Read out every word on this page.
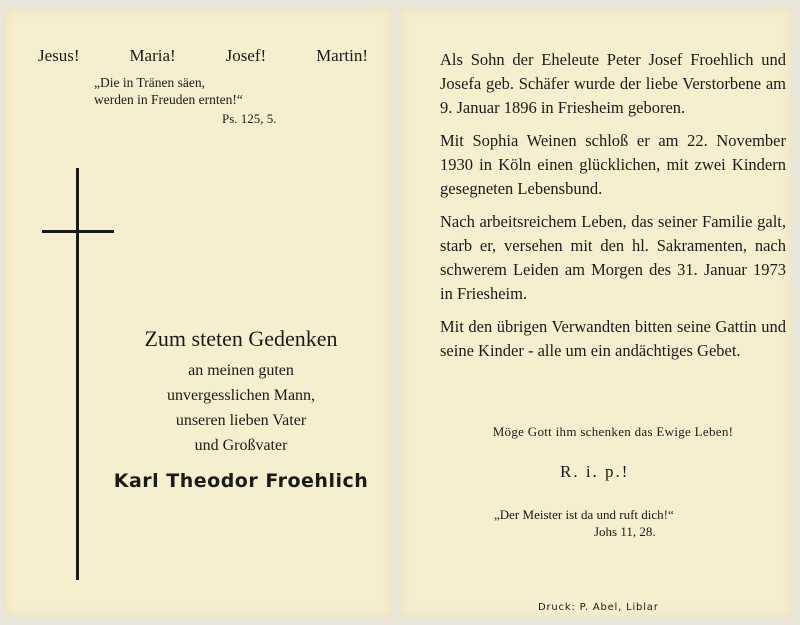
Jesus!	Maria!	Josef!	Martin!
„Die in Tränen säen,
werden in Freuden ernten!“
Ps. 125, 5.
Zum steten Gedenken
an meinen guten
unvergesslichen Mann,
unseren lieben Vater
und Großvater
Karl Theodor Froehlich

Als Sohn der Eheleute Peter Josef Froehlich und Josefa geb. Schäfer wurde der liebe Verstorbene am 9. Januar 1896 in Friesheim geboren.

Mit Sophia Weinen schloß er am 22. November 1930 in Köln einen glücklichen, mit zwei Kindern gesegneten Lebensbund.

Nach arbeitsreichem Leben, das seiner Familie galt, starb er, versehen mit den hl. Sakramenten, nach schwerem Leiden am Morgen des 31. Januar 1973 in Friesheim.

Mit den übrigen Verwandten bitten seine Gattin und seine Kinder - alle um ein andächtiges Gebet.

Möge Gott ihm schenken das Ewige Leben!
R. i. p.!
„Der Meister ist da und ruft dich!“
Johs 11, 28.
Druck: P. Abel, Liblar
